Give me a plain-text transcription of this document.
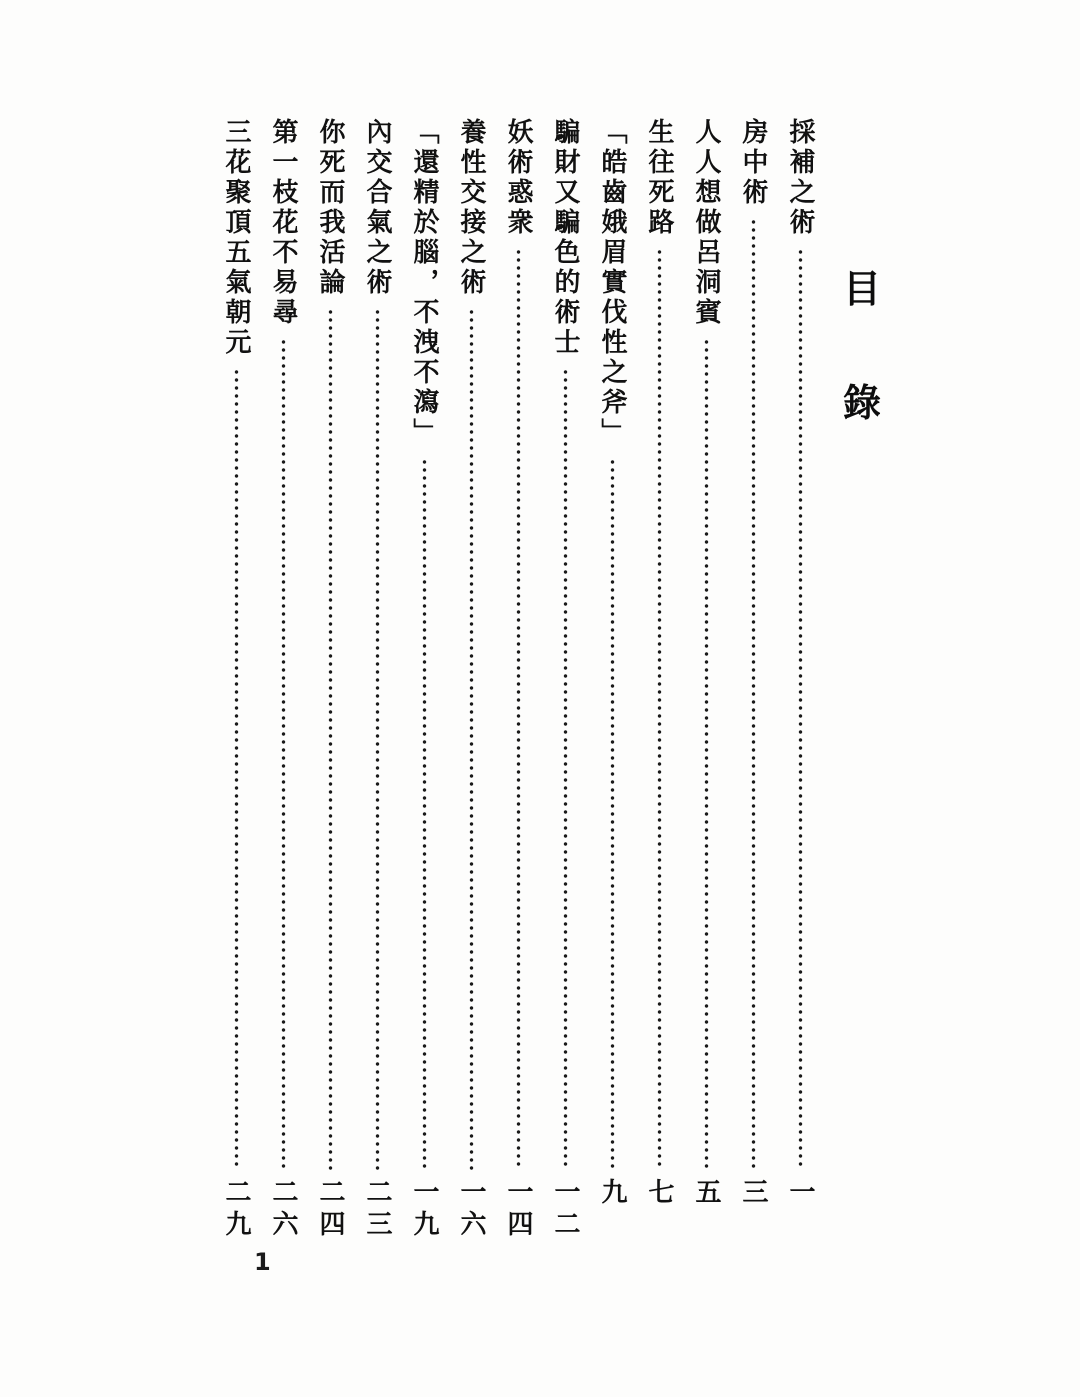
目
錄
採補之術
一
房中術
三
人人想做呂洞賓
五
生往死路
七
「皓齒娥眉實伐性之斧」
九
騙財又騙色的術士
一二
妖術惑衆
一四
養性交接之術
一六
「還精於腦，不洩不瀉」
一九
內交合氣之術
二三
你死而我活論
二四
第一枝花不易尋
二六
三花聚頂五氣朝元
二九
1
